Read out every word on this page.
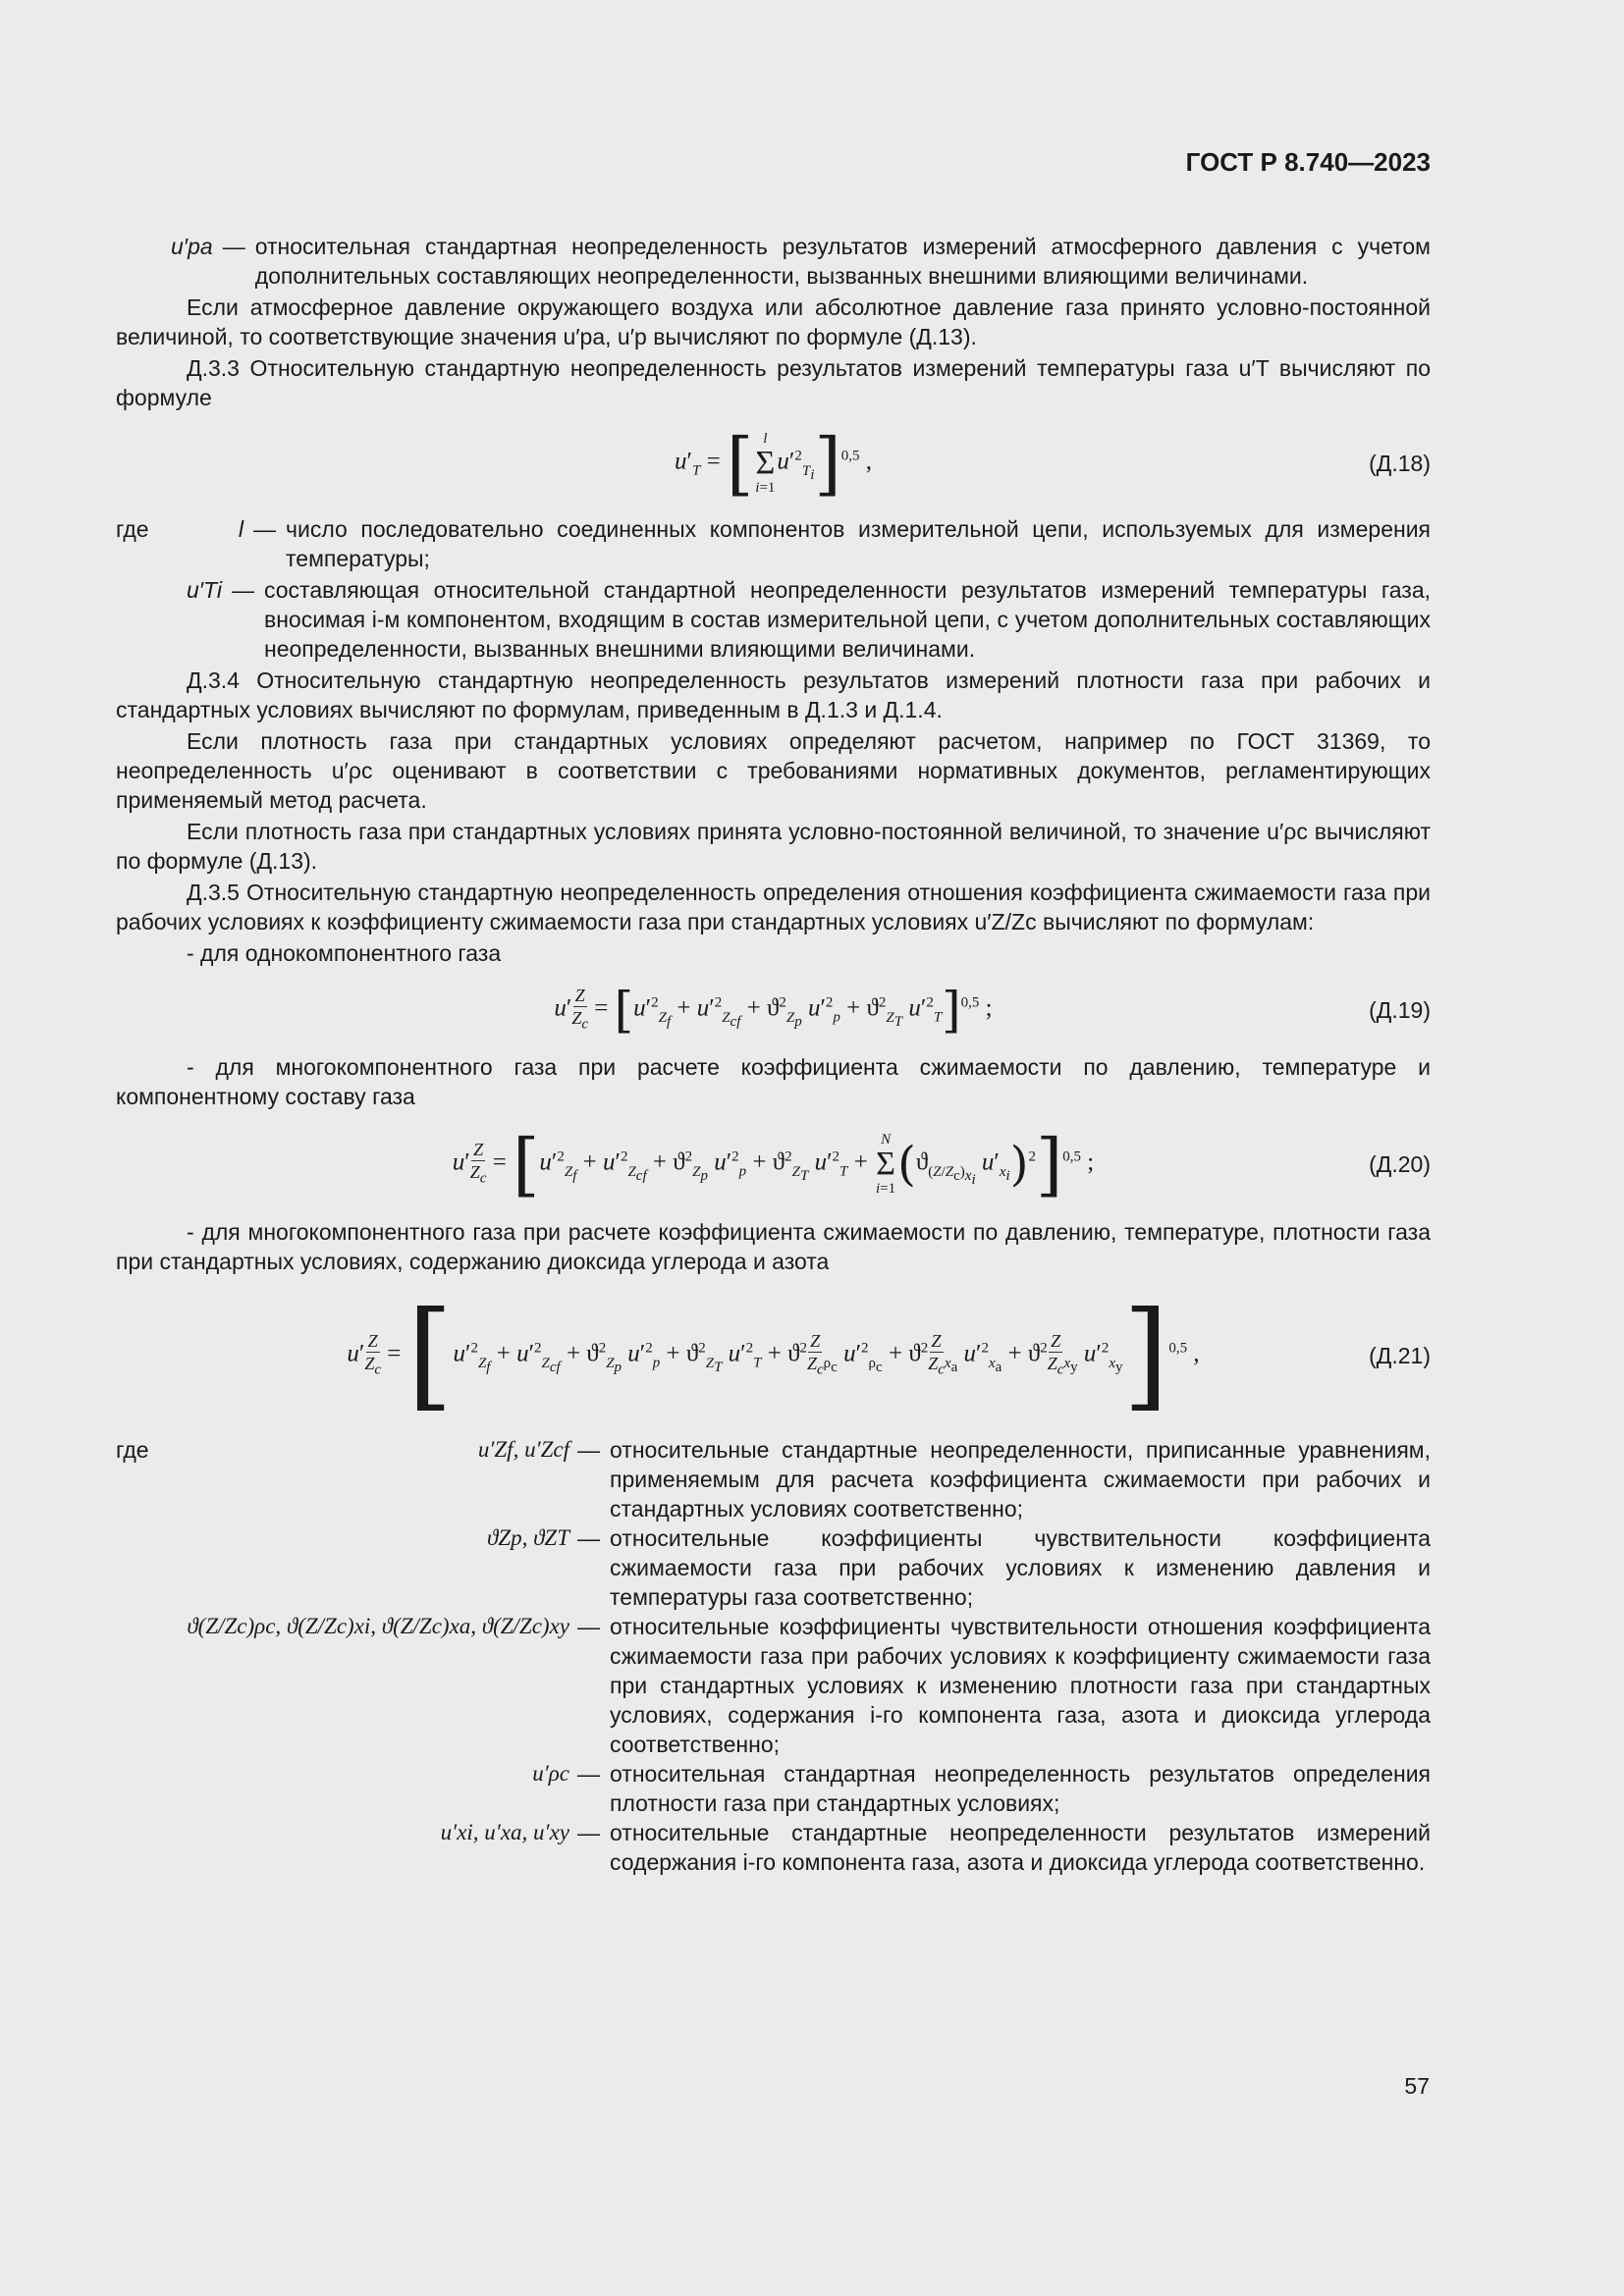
ГОСТ Р 8.740—2023
u′pa — относительная стандартная неопределенность результатов измерений атмосферного давления с учетом дополнительных составляющих неопределенности, вызванных внешними влияющими величинами.

Если атмосферное давление окружающего воздуха или абсолютное давление газа принято условно-постоянной величиной, то соответствующие значения u′pa, u′p вычисляют по формуле (Д.13).

Д.3.3 Относительную стандартную неопределенность результатов измерений температуры газа u′T вычисляют по формуле

$u'_T$ = [ l
Σ
i=1
$u'^2_{T_i}]^{0,5}$ ,	(Д.18)
где	l — число последовательно соединенных компонентов измерительной цепи, используемых для измерения температуры;
u′Ti — составляющая относительной стандартной неопределенности результатов измерений температуры газа, вносимая i-м компонентом, входящим в состав измерительной цепи, с учетом дополнительных составляющих неопределенности, вызванных внешними влияющими величинами.

Д.3.4 Относительную стандартную неопределенность результатов измерений плотности газа при рабочих и стандартных условиях вычисляют по формулам, приведенным в Д.1.3 и Д.1.4.

Если плотность газа при стандартных условиях определяют расчетом, например по ГОСТ 31369, то неопределенность u′ρc оценивают в соответствии с требованиями нормативных документов, регламентирующих применяемый метод расчета.

Если плотность газа при стандартных условиях принята условно-постоянной величиной, то значение u′ρc вычисляют по формуле (Д.13).

Д.3.5 Относительную стандартную неопределенность определения отношения коэффициента сжимаемости газа при рабочих условиях к коэффициенту сжимаемости газа при стандартных условиях u′Z/Zc вычисляют по формулам:

- для однокомпонентного газа

$u' \frac{Z}{Z_c} = [u'^2_{Z_f} + u'^2_{Z_{cf}} + ϑ^2_{Z_p}$ $u'^2_p + ϑ^2_{Z_T}$ $u'^2_T]^{0,5}$ ;	(Д.19)

- для многокомпонентного газа при расчете коэффициента сжимаемости по давлению, температуре и компонентному составу газа

$u' \frac{Z}{Z_c} = [u'^2_{Z_f} + u'^2_{Z_{cf}} + ϑ^2_{Z_p}$ $u'^2_p + ϑ^2_{Z_T}$ $u'^2_T$ +
N
Σ
i=1 ($ϑ_{(Z/Z_c)_{x_i}}$ $u'_{x_i})^2]^{0,5}$ ;	(Д.20)

- для многокомпонентного газа при расчете коэффициента сжимаемости по давлению, температуре, плотности газа при стандартных условиях, содержанию диоксида углерода и азота

$u' \frac{Z}{Z_c} = [u'^2_{Z_f} + u'^2_{Z_{cf}} + ϑ^2_{Z_p}$ $u'^2_p + ϑ^2_{Z_T}$ $u'^2_T + ϑ^2 \frac{Z}{Z_c} _{\rho_c}$ $u'^2_{\rho_c} + ϑ^2 \frac{Z}{Z_c} _{x_a}$ $u'^2_{x_a} + ϑ^2 \frac{Z}{Z_c} _{x_y}$ $u'^2_{x_y}]^{0,5}$ ,	(Д.21)
где	u′Zf, u′Zcf — относительные стандартные неопределенности, приписанные уравнениям, применяемым для расчета коэффициента сжимаемости при рабочих и стандартных условиях соответственно;
ϑZp, ϑZT — относительные коэффициенты чувствительности коэффициента сжимаемости газа при рабочих условиях к изменению давления и температуры газа соответственно;
ϑ(Z/Zc)ρc, ϑ(Z/Zc)xi, ϑ(Z/Zc)xa, ϑ(Z/Zc)xy — относительные коэффициенты чувствительности отношения коэффициента сжимаемости газа при рабочих условиях к коэффициенту сжимаемости газа при стандартных условиях к изменению плотности газа при стандартных условиях, содержания i-го компонента газа, азота и диоксида углерода соответственно;
u′ρc — относительная стандартная неопределенность результатов определения плотности газа при стандартных условиях;
u′xi, u′xa, u′xy — относительные стандартные неопределенности результатов измерений содержания i-го компонента газа, азота и диоксида углерода соответственно.
57
